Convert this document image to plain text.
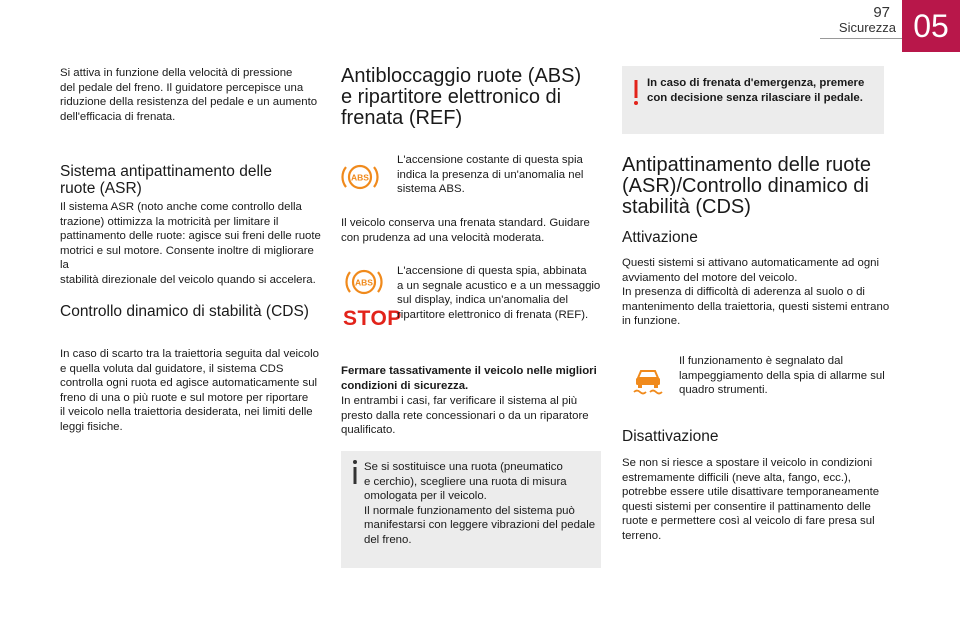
97
Sicurezza 05

Si attiva in funzione della velocità di pressione
del pedale del freno. Il guidatore percepisce una
riduzione della resistenza del pedale e un aumento
dell'efficacia di frenata.

Sistema antipattinamento delle
ruote (ASR)

Il sistema ASR (noto anche come controllo della
trazione) ottimizza la motricità per limitare il
pattinamento delle ruote: agisce sui freni delle ruote
motrici e sul motore. Consente inoltre di migliorare la
stabilità direzionale del veicolo quando si accelera.

Controllo dinamico di stabilità (CDS)

In caso di scarto tra la traiettoria seguita dal veicolo
e quella voluta dal guidatore, il sistema CDS
controlla ogni ruota ed agisce automaticamente sul
freno di una o più ruote e sul motore per riportare
il veicolo nella traiettoria desiderata, nei limiti delle
leggi fisiche.

Antibloccaggio ruote (ABS)
e ripartitore elettronico di
frenata (REF)
ABS

L'accensione costante di questa spia
indica la presenza di un'anomalia nel
sistema ABS.

Il veicolo conserva una frenata standard. Guidare
con prudenza ad una velocità moderata.

ABS
STOP

L'accensione di questa spia, abbinata
a un segnale acustico e a un messaggio
sul display, indica un'anomalia del
ripartitore elettronico di frenata (REF).

Fermare tassativamente il veicolo nelle migliori
condizioni di sicurezza.

In entrambi i casi, far verificare il sistema al più
presto dalla rete concessionari o da un riparatore
qualificato.

Se si sostituisce una ruota (pneumatico
e cerchio), scegliere una ruota di misura
omologata per il veicolo.
Il normale funzionamento del sistema può
manifestarsi con leggere vibrazioni del pedale
del freno.

In caso di frenata d'emergenza, premere
con decisione senza rilasciare il pedale.

Antipattinamento delle ruote
(ASR)/Controllo dinamico di
stabilità (CDS)
Attivazione

Questi sistemi si attivano automaticamente ad ogni
avviamento del motore del veicolo.
In presenza di difficoltà di aderenza al suolo o di
mantenimento della traiettoria, questi sistemi entrano
in funzione.

Il funzionamento è segnalato dal
lampeggiamento della spia di allarme sul
quadro strumenti.

Disattivazione

Se non si riesce a spostare il veicolo in condizioni
estremamente difficili (neve alta, fango, ecc.),
potrebbe essere utile disattivare temporaneamente
questi sistemi per consentire il pattinamento delle
ruote e permettere così al veicolo di fare presa sul
terreno.
